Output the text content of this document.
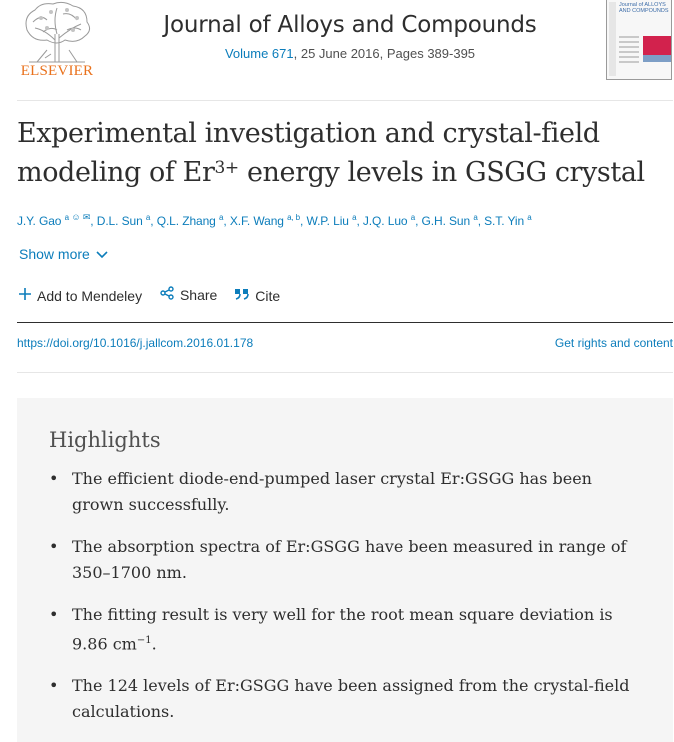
ELSEVIER
Journal of Alloys and Compounds
Volume 671, 25 June 2016, Pages 389-395
Journal of ALLOYS AND COMPOUNDS
Experimental investigation and crystal-field modeling of $Er^{3+}$ energy levels in GSGG crystal
J.Y. Gao $^a$ ☺ ✉, D.L. Sun $^a$, Q.L. Zhang $^a$, X.F. Wang $^{a, b}$, W.P. Liu $^a$, J.Q. Luo $^a$, G.H. Sun $^a$, S.T. Yin $^a$
Show more
Add to Mendeley
	Share
	Cite
https://doi.org/10.1016/j.jallcom.2016.01.178	Get rights and content
Highlights
• The efficient diode-end-pumped laser crystal Er:GSGG has been grown successfully.
• The absorption spectra of Er:GSGG have been measured in range of 350–1700 nm.
• The fitting result is very well for the root mean square deviation is 9.86 $cm^{-1}$.
• The 124 levels of Er:GSGG have been assigned from the crystal-field calculations.
